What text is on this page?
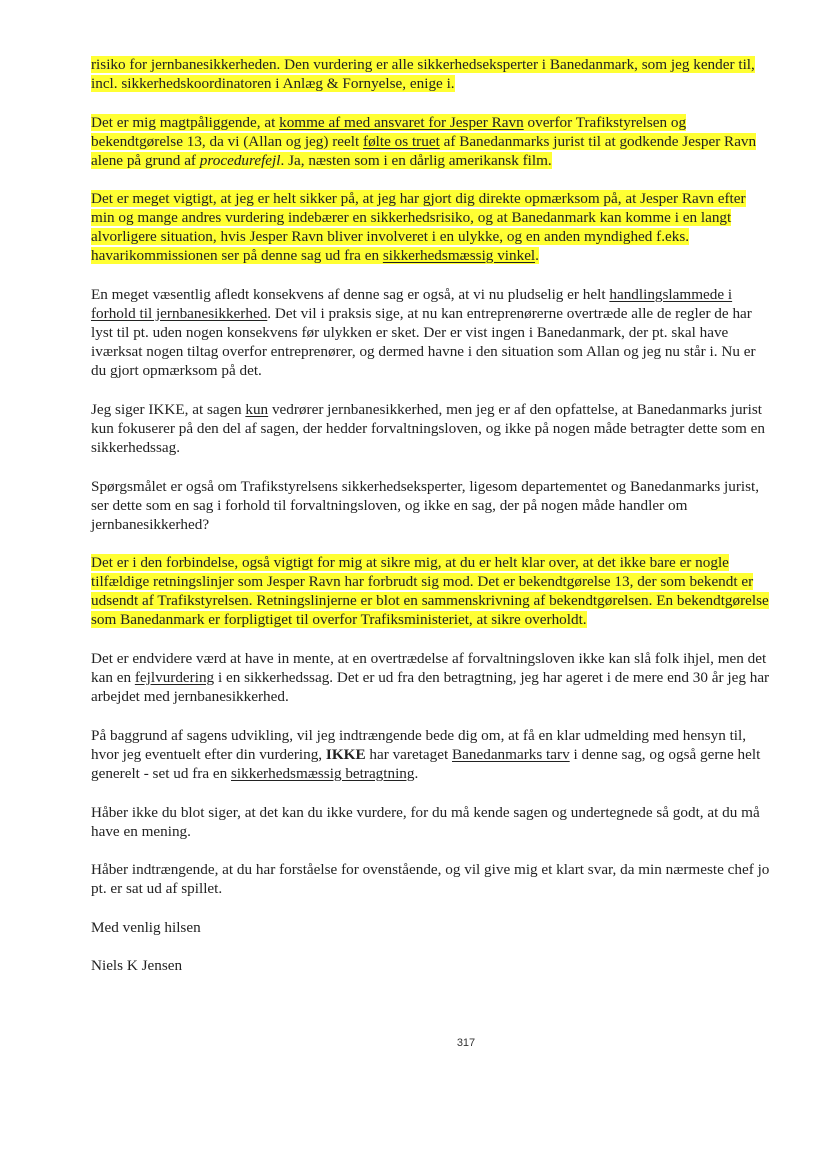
risiko for jernbanesikkerheden. Den vurdering er alle sikkerhedseksperter i Banedanmark, som jeg kender til,
incl. sikkerhedskoordinatoren i Anlæg & Fornyelse, enige i.
Det er mig magtpåliggende, at komme af med ansvaret for Jesper Ravn overfor Trafikstyrelsen og
bekendtgørelse 13, da vi (Allan og jeg) reelt følte os truet af Banedanmarks jurist til at godkende Jesper Ravn
alene på grund af procedurefejl. Ja, næsten som i en dårlig amerikansk film.
Det er meget vigtigt, at jeg er helt sikker på, at jeg har gjort dig direkte opmærksom på, at Jesper Ravn efter
min og mange andres vurdering indebærer en sikkerhedsrisiko, og at Banedanmark kan komme i en langt
alvorligere situation, hvis Jesper Ravn bliver involveret i en ulykke, og en anden myndighed f.eks.
havarikommissionen ser på denne sag ud fra en sikkerhedsmæssig vinkel.
En meget væsentlig afledt konsekvens af denne sag er også, at vi nu pludselig er helt handlingslammede i
forhold til jernbanesikkerhed. Det vil i praksis sige, at nu kan entreprenørerne overtræde alle de regler de har
lyst til pt. uden nogen konsekvens før ulykken er sket. Der er vist ingen i Banedanmark, der pt. skal have
iværksat nogen tiltag overfor entreprenører, og dermed havne i den situation som Allan og jeg nu står i. Nu er
du gjort opmærksom på det.
Jeg siger IKKE, at sagen kun vedrører jernbanesikkerhed, men jeg er af den opfattelse, at Banedanmarks jurist
kun fokuserer på den del af sagen, der hedder forvaltningsloven, og ikke på nogen måde betragter dette som en
sikkerhedssag.
Spørgsmålet er også om Trafikstyrelsens sikkerhedseksperter, ligesom departementet og Banedanmarks jurist,
ser dette som en sag i forhold til forvaltningsloven, og ikke en sag, der på nogen måde handler om
jernbanesikkerhed?
Det er i den forbindelse, også vigtigt for mig at sikre mig, at du er helt klar over, at det ikke bare er nogle
tilfældige retningslinjer som Jesper Ravn har forbrudt sig mod. Det er bekendtgørelse 13, der som bekendt er
udsendt af Trafikstyrelsen. Retningslinjerne er blot en sammenskrivning af bekendtgørelsen. En bekendtgørelse
som Banedanmark er forpligtiget til overfor Trafiksministeriet, at sikre overholdt.
Det er endvidere værd at have in mente, at en overtrædelse af forvaltningsloven ikke kan slå folk ihjel, men det
kan en fejlvurdering i en sikkerhedssag. Det er ud fra den betragtning, jeg har ageret i de mere end 30 år jeg har
arbejdet med jernbanesikkerhed.
På baggrund af sagens udvikling, vil jeg indtrængende bede dig om, at få en klar udmelding med hensyn til,
hvor jeg eventuelt efter din vurdering, IKKE har varetaget Banedanmarks tarv i denne sag, og også gerne helt
generelt - set ud fra en sikkerhedsmæssig betragtning.
Håber ikke du blot siger, at det kan du ikke vurdere, for du må kende sagen og undertegnede så godt, at du må
have en mening.
Håber indtrængende, at du har forståelse for ovenstående, og vil give mig et klart svar, da min nærmeste chef jo
pt. er sat ud af spillet.
Med venlig hilsen
Niels K Jensen
317
